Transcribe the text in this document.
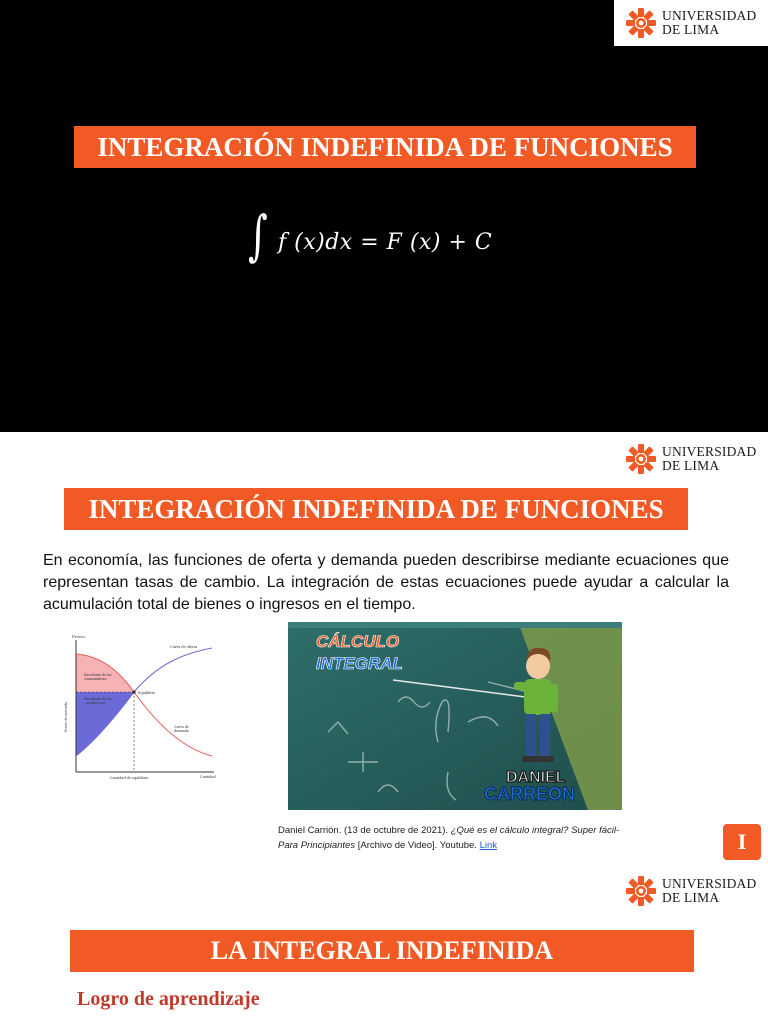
UNIVERSIDAD
DE LIMA
INTEGRACIÓN INDEFINIDA DE FUNCIONES
∫ f (x)dx = F (x) + C
UNIVERSIDAD
DE LIMA
INTEGRACIÓN INDEFINIDA DE FUNCIONES
En economía, las funciones de oferta y demanda pueden describirse mediante ecuaciones que representan tasas de cambio. La integración de estas ecuaciones puede ayudar a calcular la acumulación total de bienes o ingresos en el tiempo.
Precio
Precio de mercado
Curva de oferta
Excedente de los consumidores
Excedente de los productores
Equilibrio
Curva de demanda
Cantidad de equilibrio	Cantidad
CÁLCULO
INTEGRAL
DANIEL
CARREON
Daniel Carrión. (13 de octubre de 2021). ¿Qué es el cálculo integral? Super fácil-Para Principiantes [Archivo de Video]. Youtube. Link	I
UNIVERSIDAD
DE LIMA
LA INTEGRAL INDEFINIDA
Logro de aprendizaje
